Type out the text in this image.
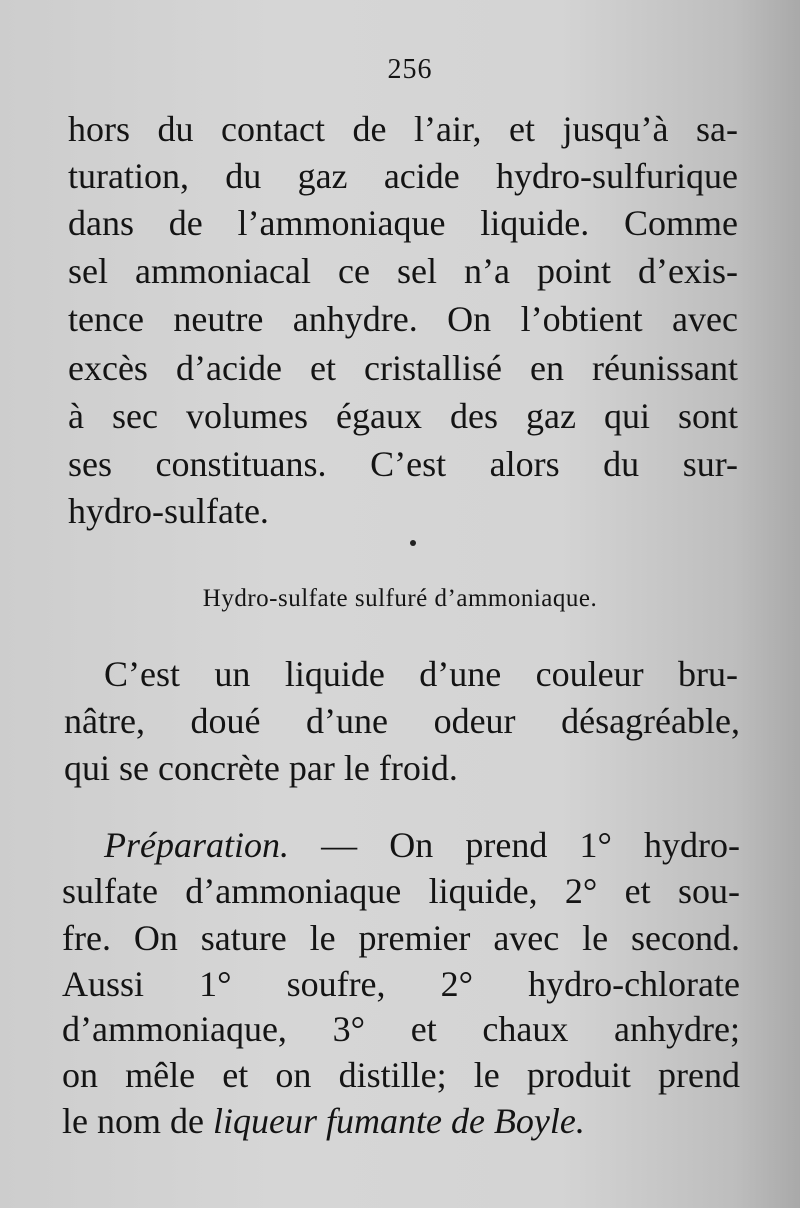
256
hors du contact de l’air, et jusqu’à sa-
turation, du gaz acide hydro-sulfurique
dans de l’ammoniaque liquide. Comme
sel ammoniacal ce sel n’a point d’exis-
tence neutre anhydre. On l’obtient avec
excès d’acide et cristallisé en réunissant
à sec volumes égaux des gaz qui sont
ses constituans. C’est alors du sur-
hydro-sulfate.
Hydro-sulfate sulfuré d’ammoniaque.
C’est un liquide d’une couleur bru-
nâtre, doué d’une odeur désagréable,
qui se concrète par le froid.
Préparation. — On prend 1° hydro-
sulfate d’ammoniaque liquide, 2° et sou-
fre. On sature le premier avec le second.
Aussi 1° soufre, 2° hydro-chlorate
d’ammoniaque, 3° et chaux anhydre;
on mêle et on distille; le produit prend
le nom de liqueur fumante de Boyle.
